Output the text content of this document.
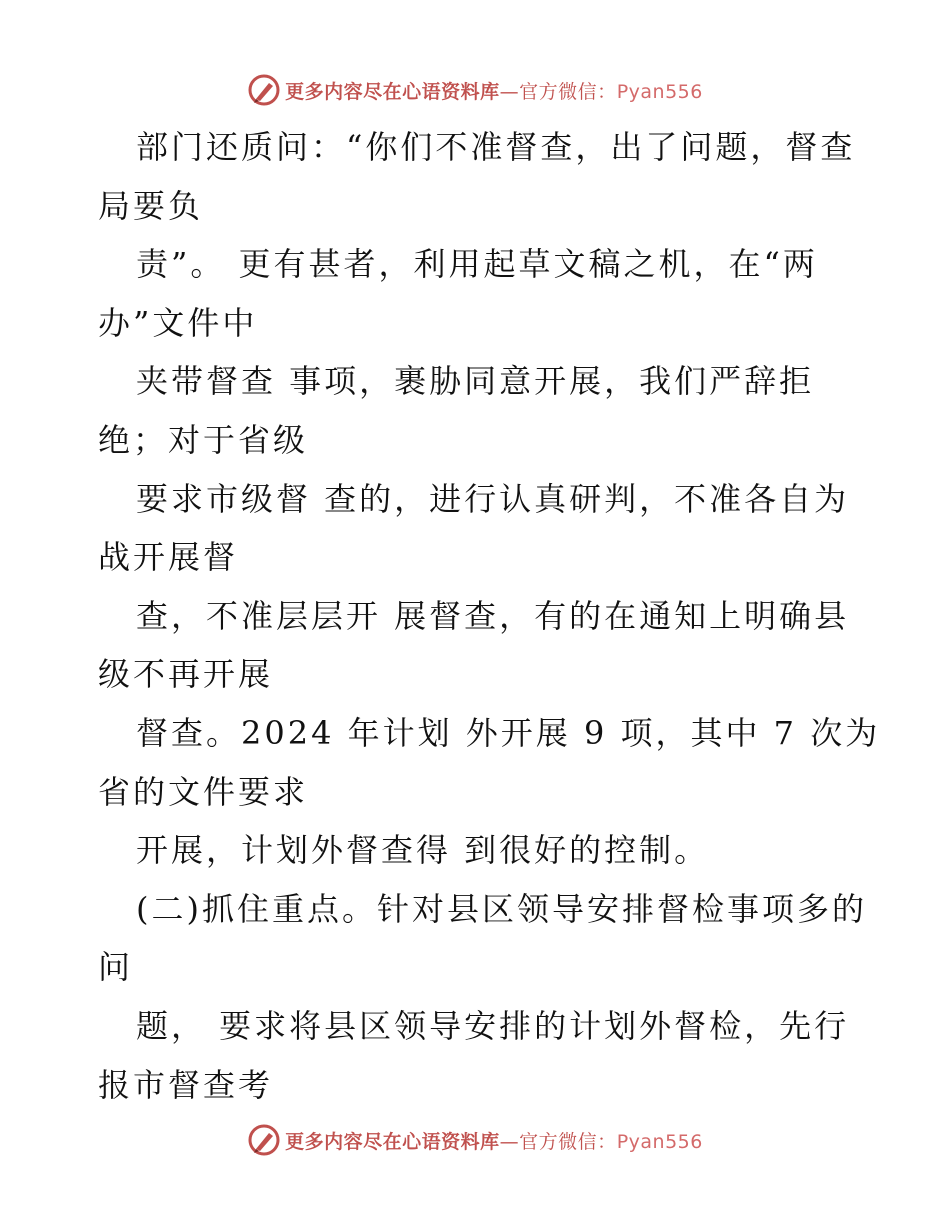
更多内容尽在心语资料库—官方微信：Pyan556
部门还质问：“你们不准督查，出了问题，督查
局要负
责”。 更有甚者，利用起草文稿之机，在“两
办”文件中
夹带督查 事项，裹胁同意开展，我们严辞拒
绝；对于省级
要求市级督 查的，进行认真研判，不准各自为
战开展督
查，不准层层开 展督查，有的在通知上明确县
级不再开展
督查。2024 年计划 外开展 9 项，其中 7 次为
省的文件要求
开展，计划外督查得 到很好的控制。
(二)抓住重点。针对县区领导安排督检事项多的
问
题， 要求将县区领导安排的计划外督检，先行
报市督查考
更多内容尽在心语资料库—官方微信：Pyan556
